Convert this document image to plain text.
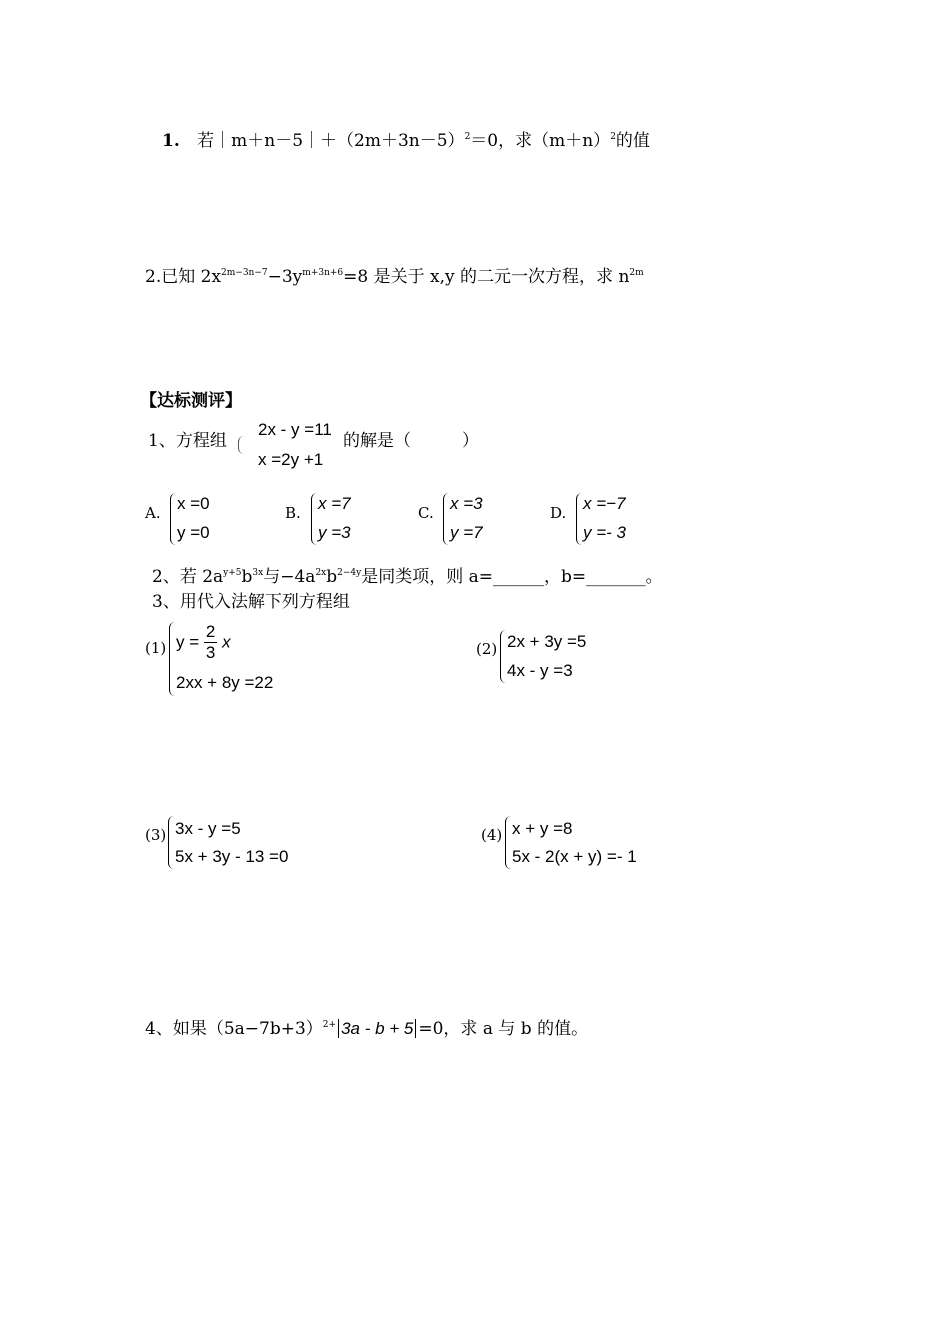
1. 若$|m+n-5|+(2m+3n-5)^2=0$，求$(m+n)^2$的值
2.已知 $2x^{2m-3n-7}-3y^{m+3n+6}=8$ 是关于 x,y 的二元一次方程，求 $n^{2m}$
【达标测评】
1、方程组
2x - y =11
x =2y +1
的解是（　　　）
A. x =0
y =0
B. x =7
y =3
C. x =3
y =7
D. x =−7
y =- 3
2、若 $2a^{y+5}b^{3x}$与$-4a^{2x}b^{2-4y}$是同类项，则 a=______，b=_______。
3、用代入法解下列方程组
(1) $y = \frac{2}{3}$ x
2xx + 8y =22
(2) 2x + 3y =5
4x - y =3
(3) 3x - y =5
5x + 3y - 13 =0
(4) x + y =8
5x - 2(x + y) =- 1
4、如果$(5a-7b+3)^{2+}$ 3a - b + 5 =0，求 a 与 b 的值。
